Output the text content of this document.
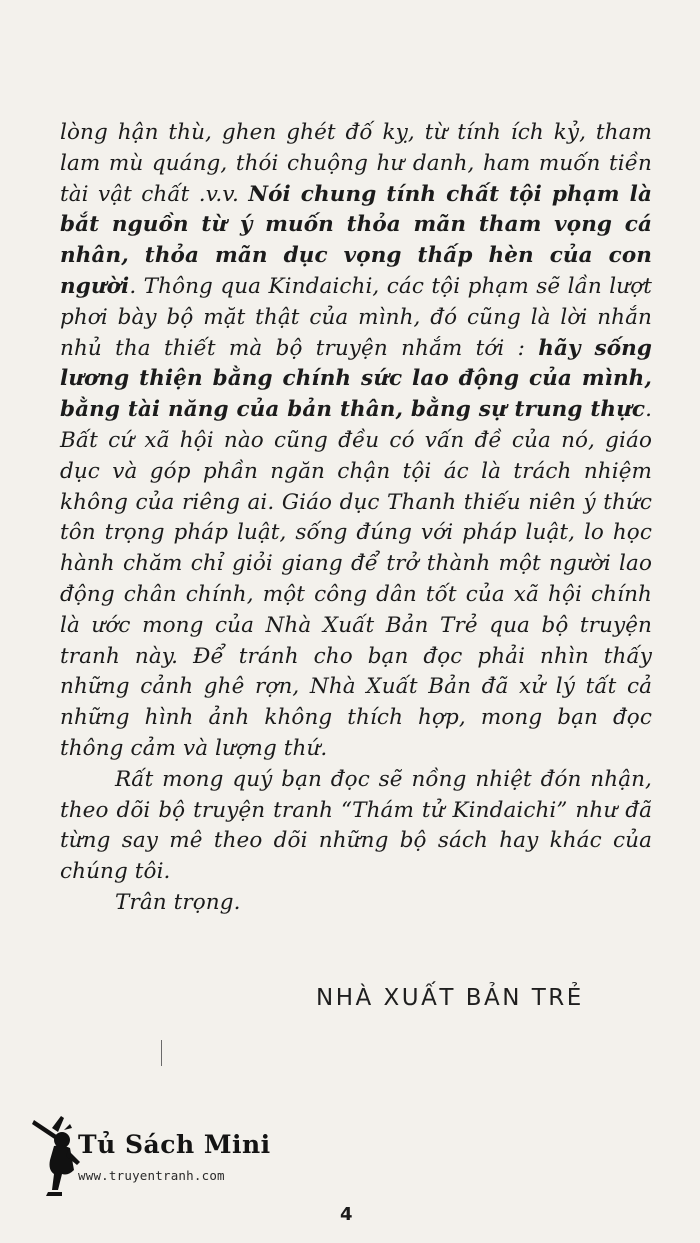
lòng hận thù, ghen ghét đố kỵ, từ tính ích kỷ, tham lam mù quáng, thói chuộng hư danh, ham muốn tiền tài vật chất .v.v. Nói chung tính chất tội phạm là bắt nguồn từ ý muốn thỏa mãn tham vọng cá nhân, thỏa mãn dục vọng thấp hèn của con người. Thông qua Kindaichi, các tội phạm sẽ lần lượt phơi bày bộ mặt thật của mình, đó cũng là lời nhắn nhủ tha thiết mà bộ truyện nhắm tới : hãy sống lương thiện bằng chính sức lao động của mình, bằng tài năng của bản thân, bằng sự trung thực. Bất cứ xã hội nào cũng đều có vấn đề của nó, giáo dục và góp phần ngăn chận tội ác là trách nhiệm không của riêng ai. Giáo dục Thanh thiếu niên ý thức tôn trọng pháp luật, sống đúng với pháp luật, lo học hành chăm chỉ giỏi giang để trở thành một người lao động chân chính, một công dân tốt của xã hội chính là ước mong của Nhà Xuất Bản Trẻ qua bộ truyện tranh này. Để tránh cho bạn đọc phải nhìn thấy những cảnh ghê rợn, Nhà Xuất Bản đã xử lý tất cả những hình ảnh không thích hợp, mong bạn đọc thông cảm và lượng thứ.

Rất mong quý bạn đọc sẽ nồng nhiệt đón nhận, theo dõi bộ truyện tranh “Thám tử Kindaichi” như đã từng say mê theo dõi những bộ sách hay khác của chúng tôi.

Trân trọng.

NHÀ XUẤT BẢN TRẺ
Tủ Sách Mini
www.truyentranh.com
4
